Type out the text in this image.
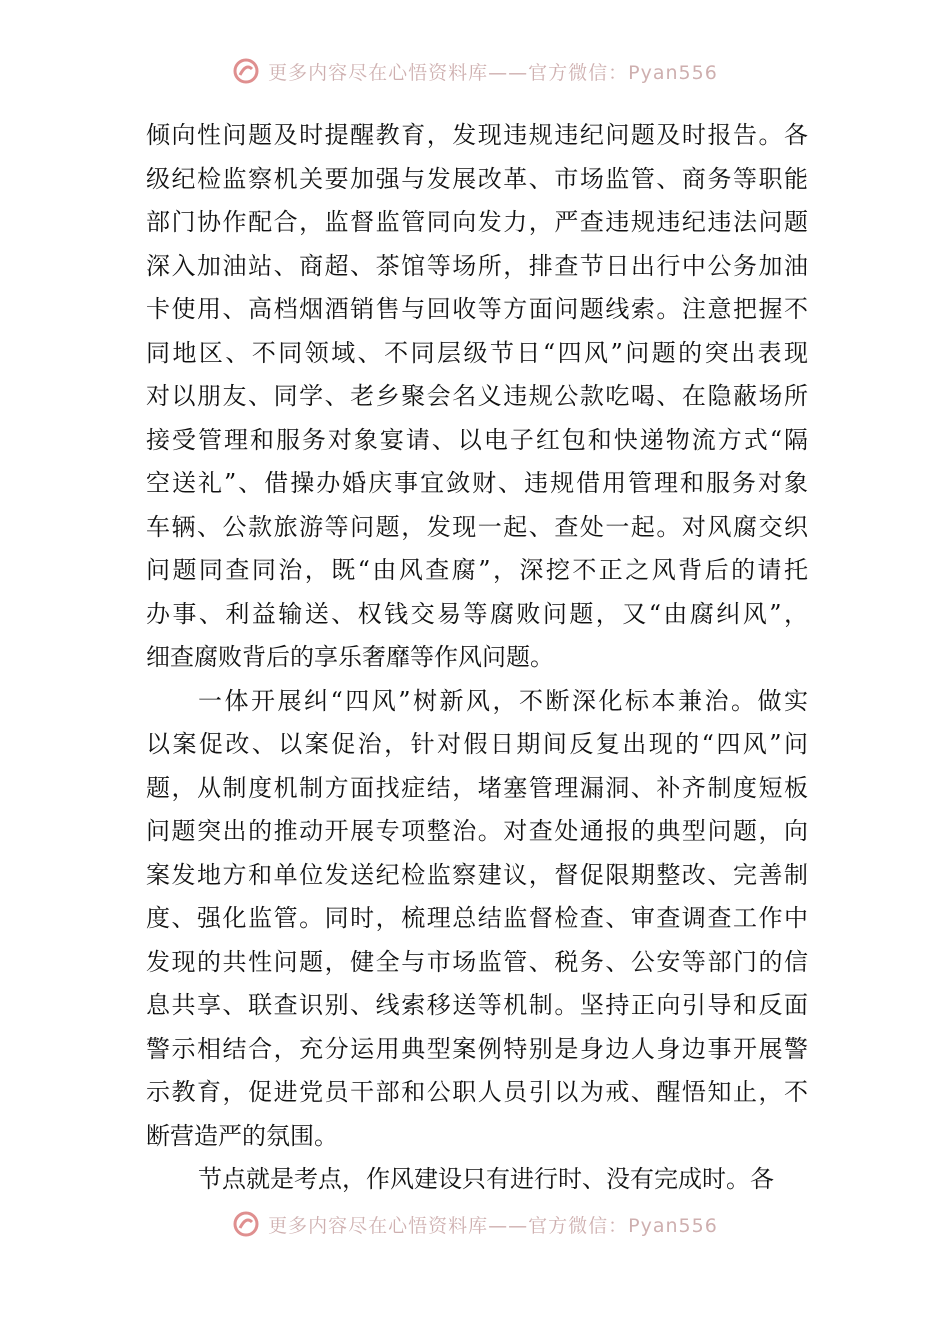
更多内容尽在心悟资料库——官方微信：Pyan556
倾向性问题及时提醒教育，发现违规违纪问题及时报告。各
级纪检监察机关要加强与发展改革、市场监管、商务等职能
部门协作配合，监督监管同向发力，严查违规违纪违法问题
深入加油站、商超、茶馆等场所，排查节日出行中公务加油
卡使用、高档烟酒销售与回收等方面问题线索。注意把握不
同地区、不同领域、不同层级节日“四风”问题的突出表现
对以朋友、同学、老乡聚会名义违规公款吃喝、在隐蔽场所
接受管理和服务对象宴请、以电子红包和快递物流方式“隔
空送礼”、借操办婚庆事宜敛财、违规借用管理和服务对象
车辆、公款旅游等问题，发现一起、查处一起。对风腐交织
问题同查同治，既“由风查腐”，深挖不正之风背后的请托
办事、利益输送、权钱交易等腐败问题，又“由腐纠风”，
细查腐败背后的享乐奢靡等作风问题。
一体开展纠“四风”树新风，不断深化标本兼治。做实
以案促改、以案促治，针对假日期间反复出现的“四风”问
题，从制度机制方面找症结，堵塞管理漏洞、补齐制度短板
问题突出的推动开展专项整治。对查处通报的典型问题，向
案发地方和单位发送纪检监察建议，督促限期整改、完善制
度、强化监管。同时，梳理总结监督检查、审查调查工作中
发现的共性问题，健全与市场监管、税务、公安等部门的信
息共享、联查识别、线索移送等机制。坚持正向引导和反面
警示相结合，充分运用典型案例特别是身边人身边事开展警
示教育，促进党员干部和公职人员引以为戒、醒悟知止，不
断营造严的氛围。
节点就是考点，作风建设只有进行时、没有完成时。各
更多内容尽在心悟资料库——官方微信：Pyan556
